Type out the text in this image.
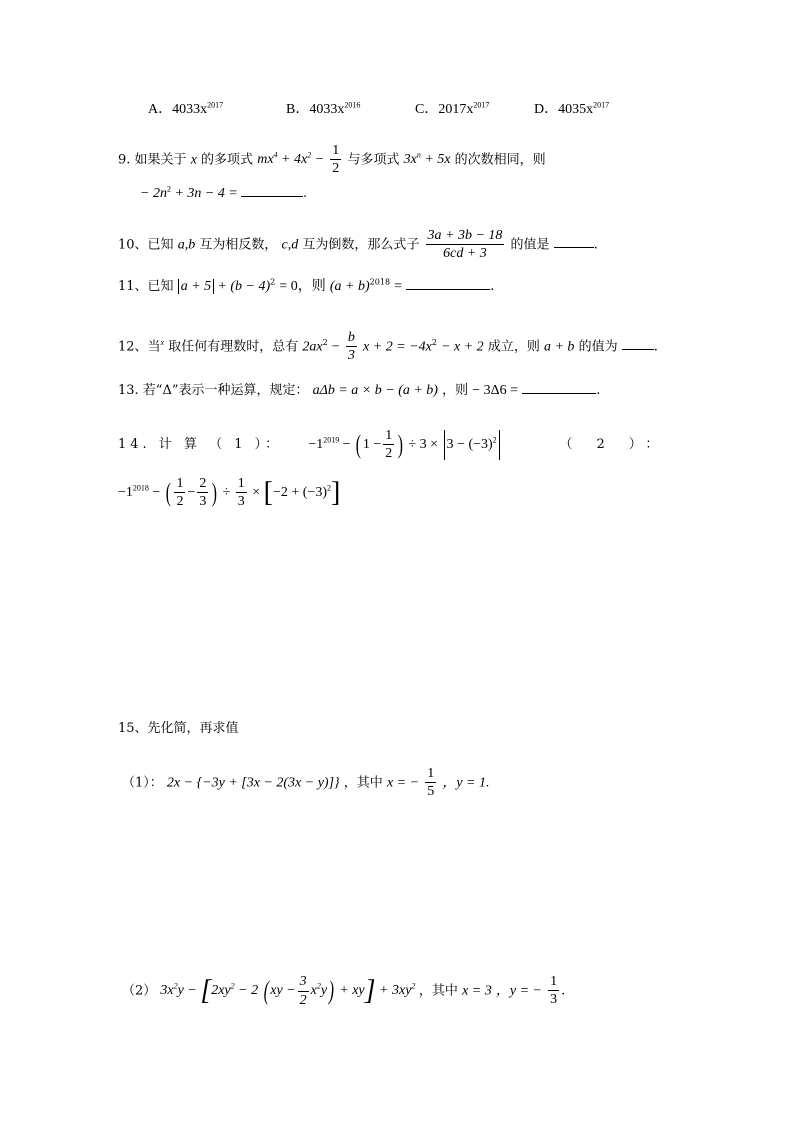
A．$4033x^{2017}$	B．$4033x^{2016}$	C．$2017x^{2017}$	D．$4035x^{2017}$
9. 如果关于 x 的多项式 $mx^4 + 4x^2 - \frac{1}{2}$ 与多项式 $3x^n + 5x$ 的次数相同，则
− $2n^2 + 3n - 4$ =	.
10、已知 a,b 互为相反数， c,d 互为倒数，那么式子 $\frac{3a + 3b - 18}{6cd + 3}$ 的值是	.
11、已知 $a + 5 + (b - 4)^2 = 0$，则 $(a + b)^{2018}$ =	.
12、当$^x$ 取任何有理数时，总有 $2ax^2 - \frac{b}{3}$ $x + 2 = -4x^2 - x + 2$ 成立，则 a + b 的值为	.
13. 若“Δ”表示一种运算，规定： aΔb = a × b − (a + b) ，则 − 3Δ6 =	.
14. 计 算 （ 1 ）： $-1^{2019}$ − ( $1 - \frac{1}{2}$ ) ÷ $3 \times 3 - (-3)^2$	（ 2 ）：
$-1^{2018}$ − ( $\frac{1}{2} - \frac{2}{3}$ ) ÷ $\frac{1}{3} \times [-2 + (-3)^2]$
15、先化简，再求值
（1）： 2x − {−3y + [3x − 2(3x − y)]} ，其中 x = − $\frac{1}{5}$ ，y = 1.
（2） $3x^2y - [2xy^2 - 2$ ( xy − $\frac{3}{2} x^2y) + xy] + 3xy^2$ ，其中 x = 3 ，y = − $\frac{1}{3}$ .
